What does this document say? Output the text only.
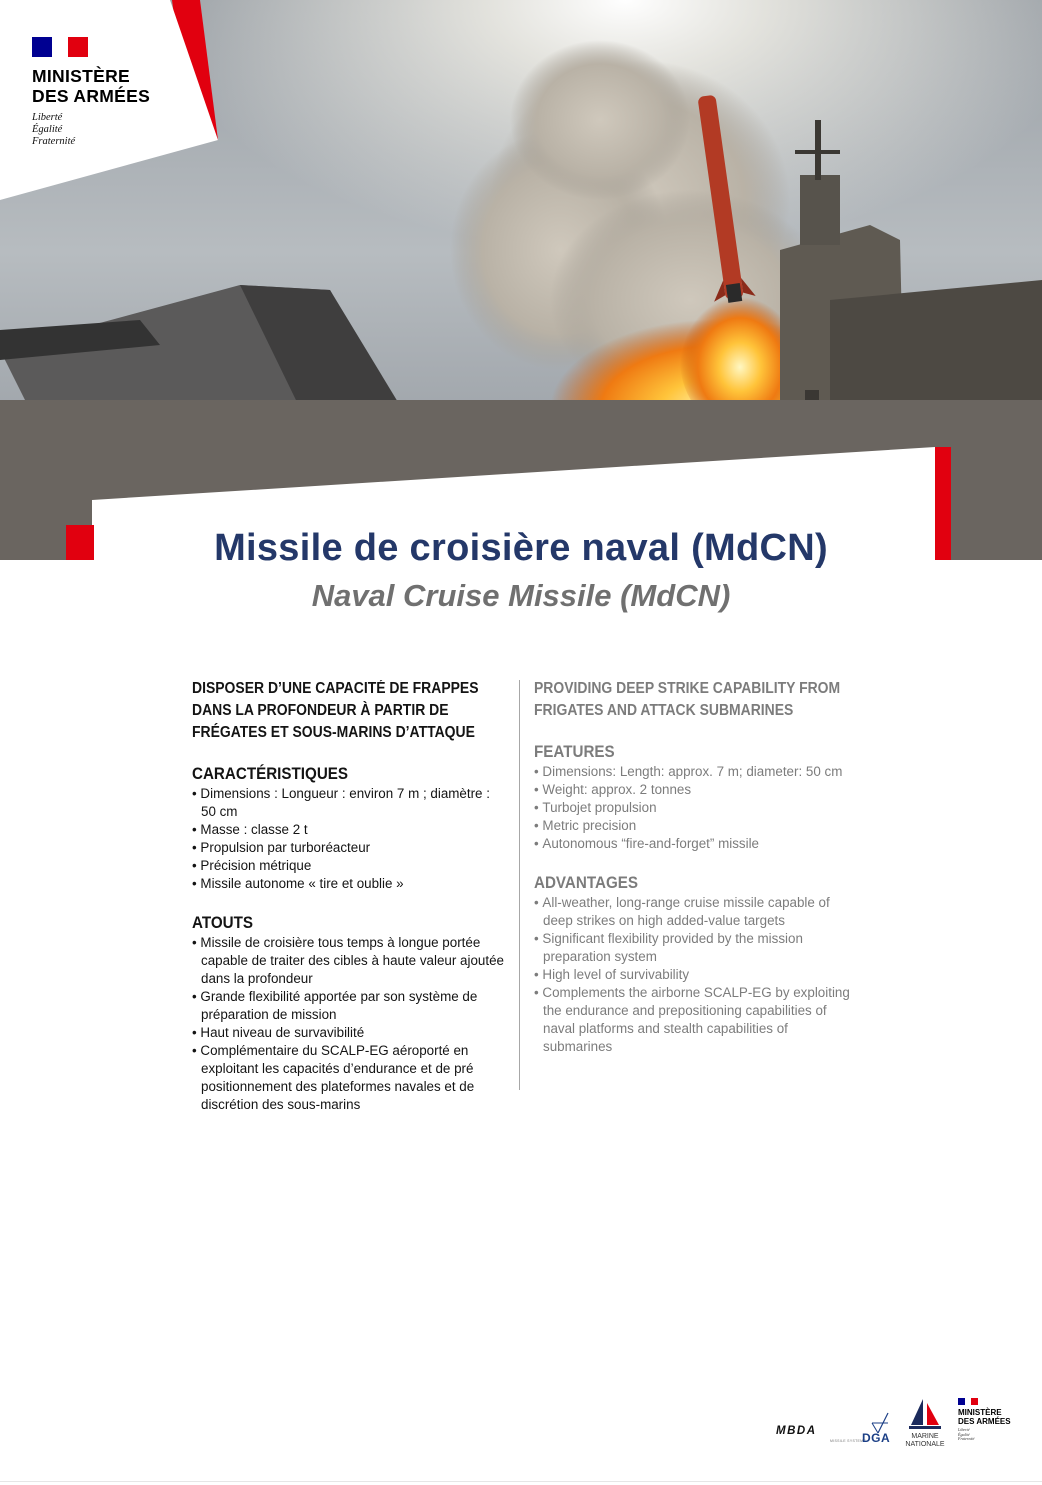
MINISTÈRE
DES ARMÉES
Liberté
Égalité
Fraternité
Missile de croisière naval (MdCN)
Naval Cruise Missile (MdCN)
DISPOSER D’UNE CAPACITÉ DE FRAPPES
DANS LA PROFONDEUR À PARTIR DE
FRÉGATES ET SOUS-MARINS D’ATTAQUE
CARACTÉRISTIQUES
• Dimensions : Longueur : environ 7 m ; diamètre : 50 cm
• Masse : classe 2 t
• Propulsion par turboréacteur
• Précision métrique
• Missile autonome « tire et oublie »
ATOUTS
• Missile de croisière tous temps à longue portée capable de traiter des cibles à haute valeur ajoutée dans la profondeur
• Grande flexibilité apportée par son système de préparation de mission
• Haut niveau de survavibilité
• Complémentaire du SCALP-EG aéroporté en exploitant les capacités d’endurance et de pré positionnement des plateformes navales et de discrétion des sous-marins
PROVIDING DEEP STRIKE CAPABILITY FROM
FRIGATES AND ATTACK SUBMARINES
FEATURES
• Dimensions: Length: approx. 7 m; diameter: 50 cm
• Weight: approx. 2 tonnes
• Turbojet propulsion
• Metric precision
• Autonomous “fire-and-forget” missile
ADVANTAGES
• All-weather, long-range cruise missile capable of deep strikes on high added-value targets
• Significant flexibility provided by the mission preparation system
• High level of survivability
• Complements the airborne SCALP-EG by exploiting the endurance and prepositioning capabilities of naval platforms and stealth capabilities of submarines
MBDA
MISSILE SYSTEMS
DGA	MARINE
NATIONALE
MINISTÈRE
DES ARMÉES
Liberté
Égalité
Fraternité
